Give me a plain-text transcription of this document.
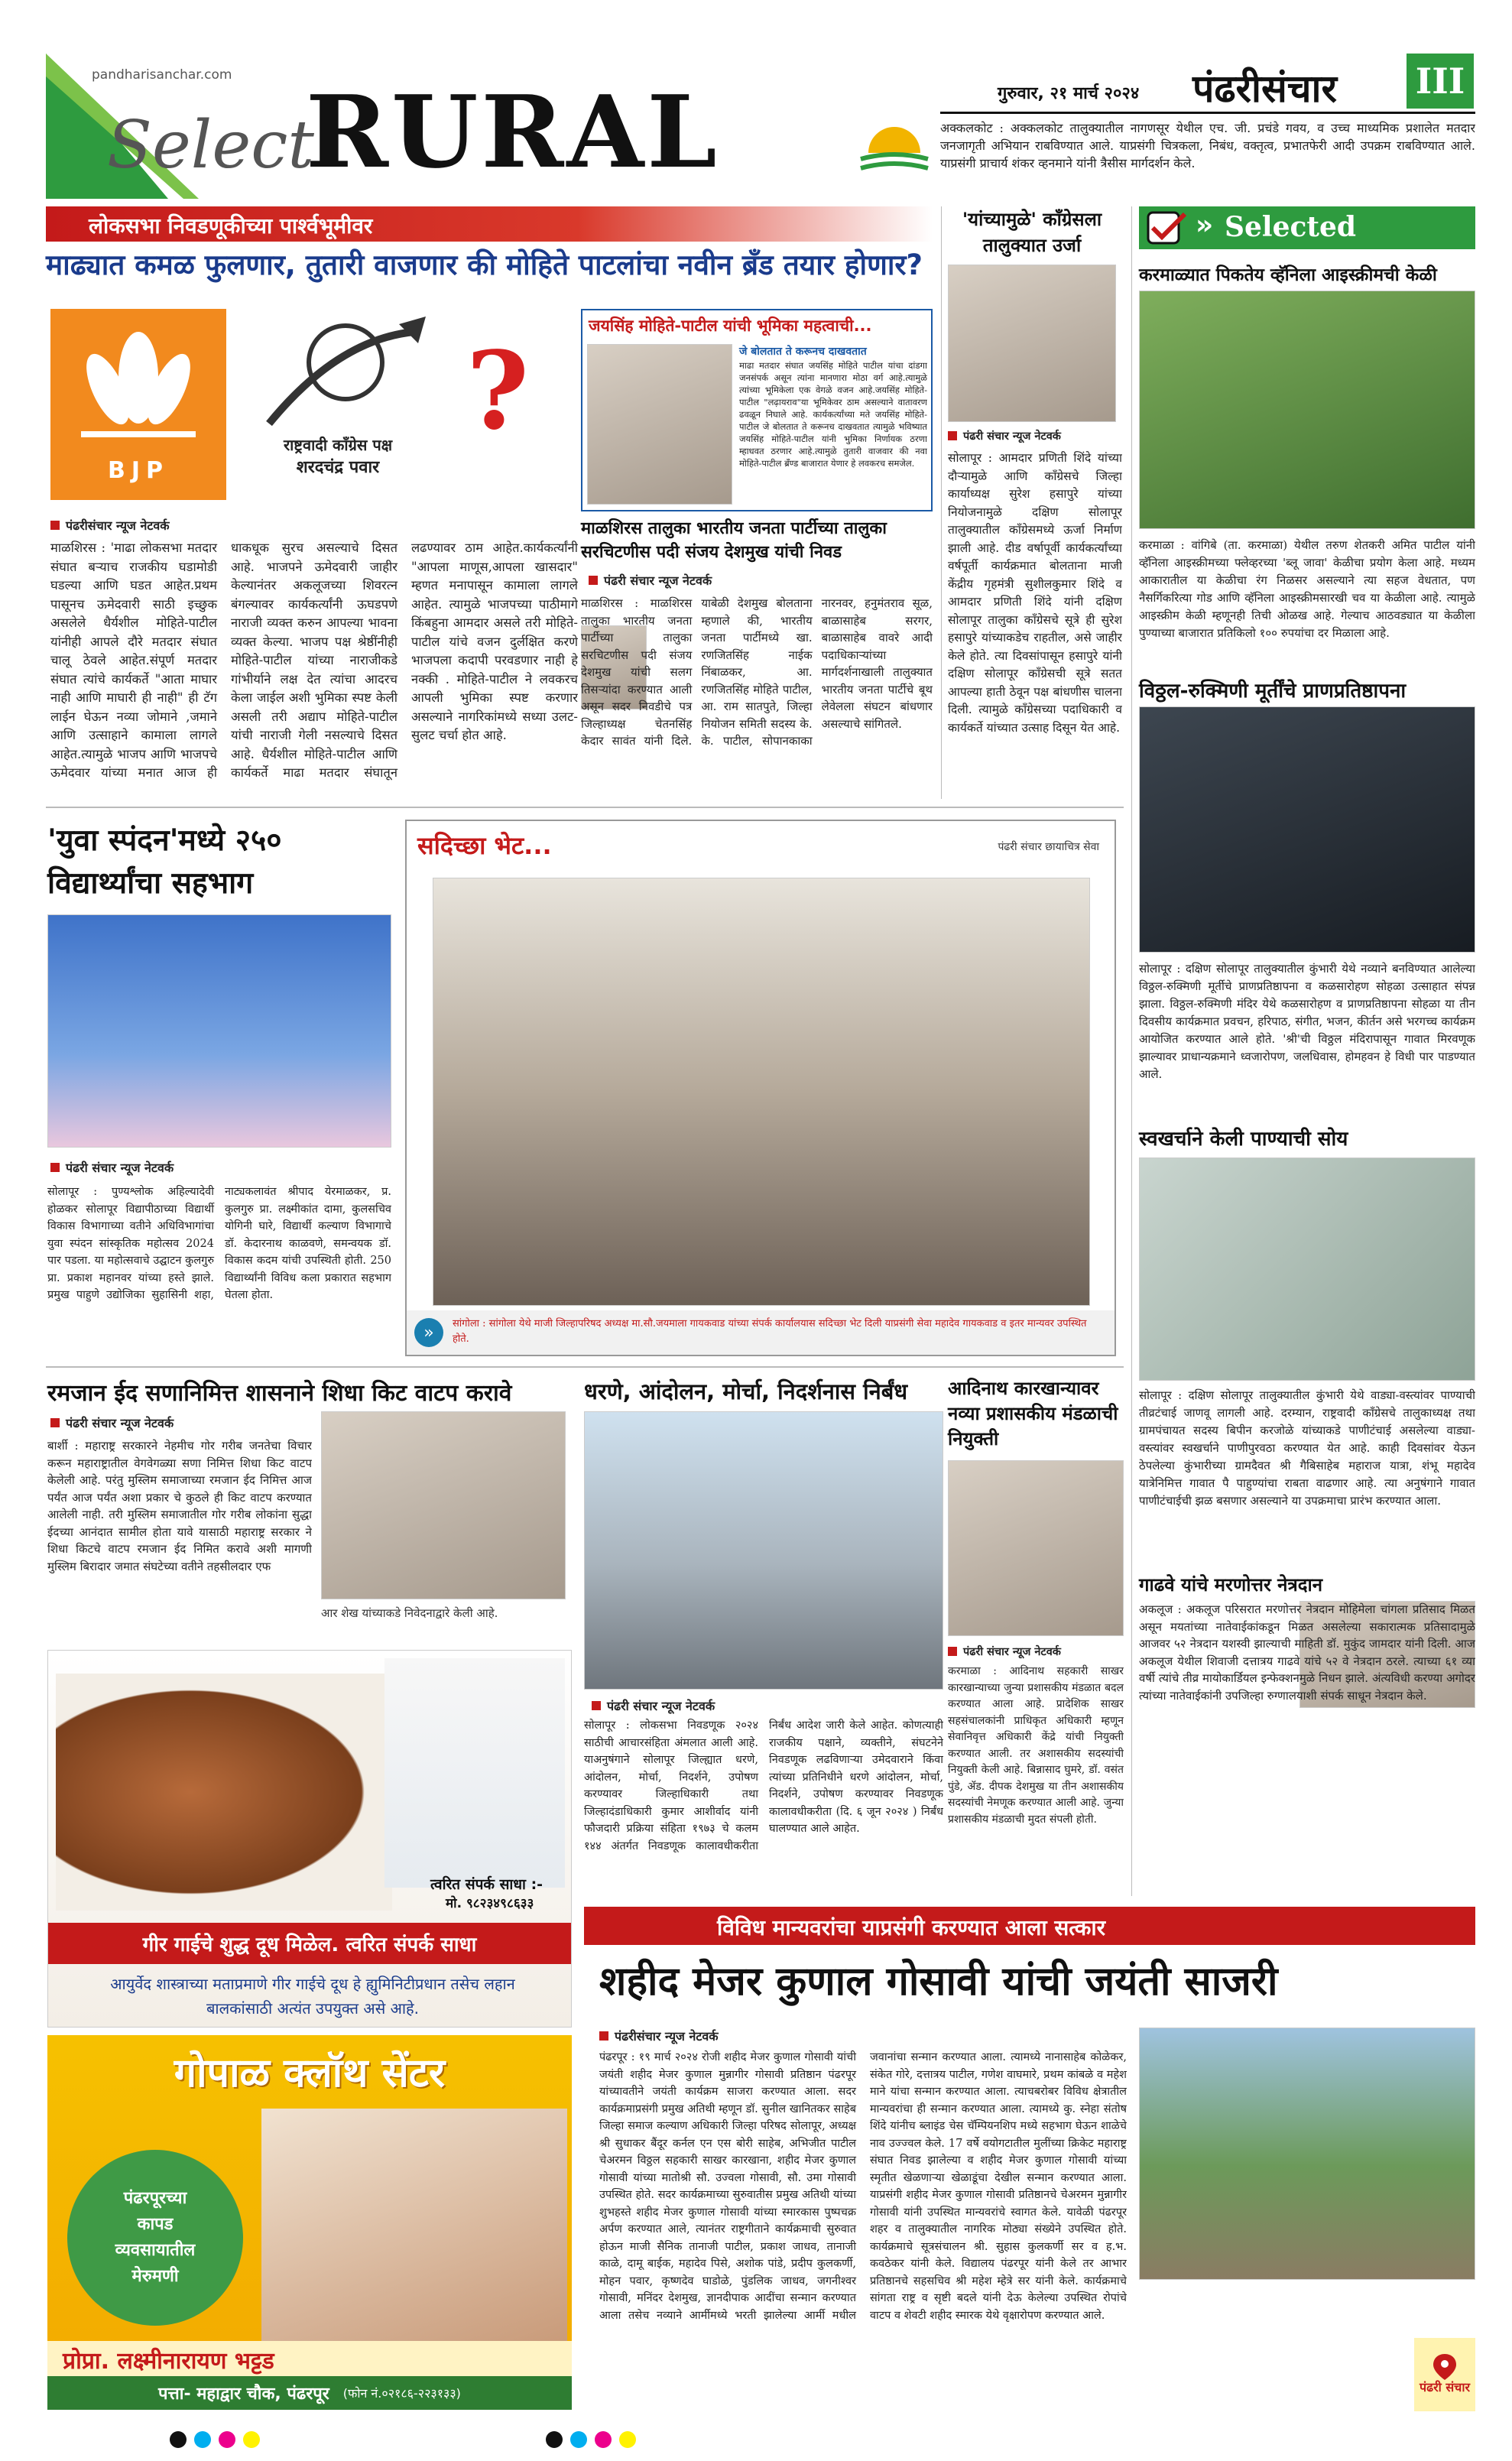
pandharisanchar.com
Select
RURAL	गुरुवार, २१ मार्च २०२४ पंढरीसंचार III
अक्कलकोट : अक्कलकोट तालुक्यातील नागणसूर येथील एच. जी. प्रचंडे गवय, व उच्च माध्यमिक प्रशालेत मतदार जनजागृती अभियान राबविण्यात आले. याप्रसंगी चित्रकला, निबंध, वक्तृत्व, प्रभातफेरी आदी उपक्रम राबविण्यात आले. याप्रसंगी प्राचार्य शंकर व्हनमाने यांनी त्रैसीस मार्गदर्शन केले.
लोकसभा निवडणूकीच्या पार्श्वभूमीवर
माढ्यात कमळ फुलणार, तुतारी वाजणार की मोहिते पाटलांचा नवीन ब्रँड तयार होणार?
BJP
राष्ट्रवादी कॉंग्रेस पक्ष
शरदचंद्र पवार
?
जयसिंह मोहिते-पाटील यांची भूमिका महत्वाची...
जे बोलतात ते करूनच दाखवतात
माढा मतदार संघात जयसिंह मोहिते पाटील यांचा दांडगा जनसंपर्क असून त्यांना मानणारा मोठा वर्ग आहे.त्यामुळे त्यांच्या भूमिकेला एक वेगळे वजन आहे.जयसिंह मोहिते-पाटील "लढ़ायराव"या भूमिकेवर ठाम असल्याने वातावरण ढवळून निघाले आहे. कार्यकर्त्यांच्या मते जयसिंह मोहिते- पाटील जे बोलतात ते करूनच दाखवतात त्यामुळे भविष्यात जयसिंह मोहिते-पाटील यांनी भुमिका निर्णायक ठरणा म्हाधवत ठरणार आहे.त्यामुळे तुतारी वाजवार की नवा मोहिते-पाटील ब्रँण्ड बाजारात येणार हे लवकरच समजेल.
पंढरीसंचार न्यूज नेटवर्क
माळशिरस : 'माढा लोकसभा मतदार संघात बऱ्याच राजकीय घडामोडी घडल्या आणि घडत आहेत.प्रथम पासूनच ऊमेदवारी साठी इच्छुक असलेले धैर्यशील मोहिते-पाटील यांनीही आपले दौरे मतदार संघात चालू ठेवले आहेत.संपूर्ण मतदार संघात त्यांचे कार्यकर्ते "आता माघार नाही आणि माघारी ही नाही" ही टॅग लाईन घेऊन नव्या जोमाने ,जमाने आणि उत्साहाने कामाला लागले आहेत.त्यामुळे भाजप आणि भाजपचे ऊमेदवार यांच्या मनात आज ही धाकधूक सुरच असल्याचे दिसत आहे. भाजपने ऊमेदवारी जाहीर केल्यानंतर अकलूजच्या शिवरत्न बंगल्यावर कार्यकर्त्यांनी ऊघडपणे नाराजी व्यक्त करुन आपल्या भावना व्यक्त केल्या. भाजप पक्ष श्रेष्ठींनीही मोहिते-पाटील यांच्या नाराजीकडे गांभीर्याने लक्ष देत त्यांचा आदरच केला जाईल अशी भुमिका स्पष्ट केली असली तरी अद्याप मोहिते-पाटील यांची नाराजी गेली नसल्याचे दिसत आहे. धैर्यशील मोहिते-पाटील आणि कार्यकर्ते माढा मतदार संघातून लढण्यावर ठाम आहेत.कार्यकर्त्यांनी "आपला माणूस,आपला खासदार" म्हणत मनापासून कामाला लागले आहेत. त्यामुळे भाजपच्या पाठीमागे किंबहुना आमदार असले तरी मोहिते-पाटील यांचे वजन दुर्लक्षित करणे भाजपला कदापी परवडणार नाही हे नक्की . मोहिते-पाटील ने लवकरच आपली भुमिका स्पष्ट करणार असल्याने नागरिकांमध्ये सध्या उलट-सुलट चर्चा होत आहे.
माळशिरस तालुका भारतीय जनता पार्टीच्या तालुका सरचिटणीस पदी संजय देशमुख यांची निवड
पंढरी संचार न्यूज नेटवर्क
माळशिरस : माळशिरस तालुका भारतीय जनता पार्टीच्या तालुका सरचिटणीस पदी संजय देशमुख यांची सलग तिसऱ्यांदा करण्यात आली असून सदर निवडीचे पत्र जिल्हाध्यक्ष चेतनसिंह केदार सावंत यांनी दिले. याबेळी देशमुख बोलताना म्हणाले की, भारतीय जनता पार्टीमध्ये खा. रणजितसिंह नाईक निंबाळकर, आ. रणजितसिंह मोहिते पाटील, आ. राम सातपुते, जिल्हा नियोजन समिती सदस्य के. के. पाटील, सोपानकाका नारनवर, हनुमंतराव सूळ, बाळासाहेब सरगर, बाळासाहेब वावरे आदी पदाधिकाऱ्यांच्या मार्गदर्शनाखाली तालुक्यात भारतीय जनता पार्टीचे बूथ लेवेलला संघटन बांधणार असल्याचे सांगितले.
'यांच्यामुळे' कॉंग्रेसला तालुक्यात उर्जा
पंढरी संचार न्यूज नेटवर्क
सोलापूर : आमदार प्रणिती शिंदे यांच्या दौऱ्यामुळे आणि कॉंग्रेसचे जिल्हा कार्याध्यक्ष सुरेश हसापुरे यांच्या नियोजनामुळे दक्षिण सोलापूर तालुक्यातील कॉंग्रेसमध्ये ऊर्जा निर्माण झाली आहे. दीड वर्षापूर्वी कार्यकर्त्यांच्या वर्षपूर्ती कार्यक्रमात बोलताना माजी केंद्रीय गृहमंत्री सुशीलकुमार शिंदे व आमदार प्रणिती शिंदे यांनी दक्षिण सोलापूर तालुका कॉंग्रेसचे सूत्रे ही सुरेश हसापुरे यांच्याकडेच राहतील, असे जाहीर केले होते. त्या दिवसांपासून हसापुरे यांनी दक्षिण सोलापूर कॉंग्रेसची सूत्रे सतत आपल्या हाती ठेवून पक्ष बांधणीस चालना दिली. त्यामुळे कॉंग्रेसच्या पदाधिकारी व कार्यकर्ते यांच्यात उत्साह दिसून येत आहे.
» Selected
करमाळ्यात पिकतेय व्हॅनिला आइस्क्रीमची केळी
करमाळा : वांगिबे (ता. करमाळा) येथील तरुण शेतकरी अमित पाटील यांनी व्हॅनिला आइस्क्रीमच्या फ्लेव्हरच्या 'ब्लू जावा' केळीचा प्रयोग केला आहे. मध्यम आकारातील या केळीचा रंग निळसर असल्याने त्या सहज वेधतात, पण नैसर्गिकरित्या गोड आणि व्हॅनिला आइस्क्रीमसारखी चव या केळीला आहे. त्यामुळे आइस्क्रीम केळी म्हणूनही तिची ओळख आहे. गेल्याच आठवड्यात या केळीला पुण्याच्या बाजारात प्रतिकिलो १०० रुपयांचा दर मिळाला आहे.
विठ्ठल-रुक्मिणी मूर्तींचे प्राणप्रतिष्ठापना
सोलापूर : दक्षिण सोलापूर तालुक्यातील कुंभारी येथे नव्याने बनविण्यात आलेल्या विठ्ठल-रुक्मिणी मूर्तीचे प्राणप्रतिष्ठापना व कळसारोहण सोहळा उत्साहात संपन्न झाला. विठ्ठल-रुक्मिणी मंदिर येथे कळसारोहण व प्राणप्रतिष्ठापना सोहळा या तीन दिवसीय कार्यक्रमात प्रवचन, हरिपाठ, संगीत, भजन, कीर्तन असे भरगच्च कार्यक्रम आयोजित करण्यात आले होते. 'श्री'ची विठ्ठल मंदिरापासून गावात मिरवणूक झाल्यावर प्राधान्यक्रमाने ध्वजारोपण, जलधिवास, होमहवन हे विधी पार पाडण्यात आले.
स्वखर्चाने केली पाण्याची सोय
सोलापूर : दक्षिण सोलापूर तालुक्यातील कुंभारी येथे वाड्या-वस्त्यांवर पाण्याची तीव्रटंचाई जाणवू लागली आहे. दरम्यान, राष्ट्रवादी कॉंग्रेसचे तालुकाध्यक्ष तथा ग्रामपंचायत सदस्य बिपीन करजोळे यांच्याकडे पाणीटंचाई असलेल्या वाड्या- वस्त्यांवर स्वखर्चाने पाणीपुरवठा करण्यात येत आहे. काही दिवसांवर येऊन ठेपलेल्या कुंभारीच्या ग्रामदैवत श्री गैबिसाहेब महाराज यात्रा, शंभू महादेव यात्रेनिमित्त गावात पै पाहुण्यांचा राबता वाढणार आहे. त्या अनुषंगाने गावात पाणीटंचाईची झळ बसणार असल्याने या उपक्रमाचा प्रारंभ करण्यात आला.
गाढवे यांचे मरणोत्तर नेत्रदान
अकलूज : अकलूज परिसरात मरणोत्तर नेत्रदान मोहिमेला चांगला प्रतिसाद मिळत असून मयतांच्या नातेवाईकांकडून मिळत असलेल्या सकारात्मक प्रतिसादामुळे आजवर ५२ नेत्रदान यशस्वी झाल्याची माहिती डॉ. मुकुंद जामदार यांनी दिली. आज अकलूज येथील शिवाजी दत्तात्रय गाढवे यांचे ५२ वे नेत्रदान ठरले. त्याच्या ६१ व्या वर्षी त्यांचे तीव्र मायोकार्डियल इन्फेक्शनमुळे निधन झाले. अंत्यविधी करण्या अगोदर त्यांच्या नातेवाईकांनी उपजिल्हा रुग्णालयाशी संपर्क साधून नेत्रदान केले.
'युवा स्पंदन'मध्ये २५० विद्यार्थ्यांचा सहभाग
पंढरी संचार न्यूज नेटवर्क
सोलापूर : पुण्यश्लोक अहिल्यादेवी होळकर सोलापूर विद्यापीठाच्या विद्यार्थी विकास विभागाच्या वतीने अधिविभागांचा युवा स्पंदन सांस्कृतिक महोत्सव 2024 पार पडला. या महोत्सवाचे उद्घाटन कुलगुरु प्रा. प्रकाश महानवर यांच्या हस्ते झाले. प्रमुख पाहुणे उद्योजिका सुहासिनी शहा, नाट्यकलावंत श्रीपाद येरमाळकर, प्र. कुलगुरु प्रा. लक्ष्मीकांत दामा, कुलसचिव योगिनी घारे, विद्यार्थी कल्याण विभागाचे डॉ. केदारनाथ काळवणे, समन्वयक डॉ. विकास कदम यांची उपस्थिती होती. 250 विद्यार्थ्यांनी विविध कला प्रकारात सहभाग घेतला होता.
सदिच्छा भेट...	पंढरी संचार छायाचित्र सेवा
»	सांगोला : सांगोला येथे माजी जिल्हापरिषद अध्यक्ष मा.सौ.जयमाला गायकवाड यांच्या संपर्क कार्यालयास सदिच्छा भेट दिली याप्रसंगी सेवा महादेव गायकवाड व इतर मान्यवर उपस्थित होते.
रमजान ईद सणानिमित्त शासनाने शिधा किट वाटप करावे
पंढरी संचार न्यूज नेटवर्क
बार्शी : महाराष्ट्र सरकारने नेहमीच गोर गरीब जनतेचा विचार करून महाराष्ट्रातील वेगवेगळ्या सणा निमित्त शिधा किट वाटप केलेली आहे. परंतु मुस्लिम समाजाच्या रमजान ईद निमित्त आज पर्यंत आज पर्यंत अशा प्रकार चे कुठले ही किट वाटप करण्यात आलेली नाही. तरी मुस्लिम समाजातील गोर गरीब लोकांना सुद्धा ईदच्या आनंदात सामील होता यावे यासाठी महाराष्ट्र सरकार ने शिधा किटचे वाटप रमजान ईद निमित करावे अशी मागणी मुस्लिम बिरादार जमात संघटेच्या वतीने तहसीलदार एफ
आर शेख यांच्याकडे निवेदनाद्वारे केली आहे.
धरणे, आंदोलन, मोर्चा, निदर्शनास निर्बंध
पंढरी संचार न्यूज नेटवर्क
सोलापूर : लोकसभा निवडणूक २०२४ साठीची आचारसंहिता अंमलात आली आहे. याअनुषंगाने सोलापूर जिल्ह्यात धरणे, आंदोलन, मोर्चा, निदर्शने, उपोषण करण्यावर जिल्हाधिकारी तथा जिल्हादंडाधिकारी कुमार आशीर्वाद यांनी फौजदारी प्रक्रिया संहिता १९७३ चे कलम १४४ अंतर्गत निवडणूक कालावधीकरीता निर्बंध आदेश जारी केले आहेत. कोणत्याही राजकीय पक्षाने, व्यक्तीने, संघटनेने निवडणूक लढविणाऱ्या उमेदवाराने किंवा त्यांच्या प्रतिनिधीने धरणे आंदोलन, मोर्चा, निदर्शने, उपोषण करण्यावर निवडणूक कालावधीकरीता (दि. ६ जून २०२४ ) निर्बंध घालण्यात आले आहेत.
आदिनाथ कारखान्यावर नव्या प्रशासकीय मंडळाची नियुक्ती
पंढरी संचार न्यूज नेटवर्क
करमाळा : आदिनाथ सहकारी साखर कारखान्याच्या जुन्या प्रशासकीय मंडळात बदल करण्यात आला आहे. प्रादेशिक साखर सहसंचालकांनी प्राधिकृत अधिकारी म्हणून सेवानिवृत्त अधिकारी केंद्रे यांची नियुक्ती करण्यात आली. तर अशासकीय सदस्यांची नियुक्ती केली आहे. बिन्नासाद घुमरे, डॉ. वसंत पुंडे, ॲड. दीपक देशमुख या तीन अशासकीय सदस्यांची नेमणूक करण्यात आली आहे. जुन्या प्रशासकीय मंडळाची मुदत संपली होती.
त्वरित संपर्क साधा :-
मो. ९८२३४९८६३३
गीर गाईचे शुद्ध दूध मिळेल. त्वरित संपर्क साधा
आयुर्वेद शास्त्राच्या मताप्रमाणे गीर गाईचे दूध हे ह्युमिनिटीप्रधान तसेच लहान बालकांसाठी अत्यंत उपयुक्त असे आहे.
गोपाळ क्लॉथ सेंटर
पंढरपूरच्या
कापड
व्यवसायातील
मेरुमणी
प्रोप्रा. लक्ष्मीनारायण भट्टड
पत्ता- महाद्वार चौक, पंढरपूर (फोन नं.०२१८६-२२३१३३)
विविध मान्यवरांचा याप्रसंगी करण्यात आला सत्कार
शहीद मेजर कुणाल गोसावी यांची जयंती साजरी
पंढरीसंचार न्यूज नेटवर्क
पंढरपूर : १९ मार्च २०२४ रोजी शहीद मेजर कुणाल गोसावी यांची जयंती शहीद मेजर कुणाल मुन्नागीर गोसावी प्रतिष्ठान पंढरपूर यांच्यावतीने जयंती कार्यक्रम साजरा करण्यात आला. सदर कार्यक्रमाप्रसंगी प्रमुख अतिथी म्हणून डॉ. सुनील खानितकर साहेब जिल्हा समाज कल्याण अधिकारी जिल्हा परिषद सोलापूर, अध्यक्ष श्री सुधाकर बैंदूर कर्नल एन एस बोरी साहेब, अभिजीत पाटील चेअरमन विठ्ठल सहकारी साखर कारखाना, शहीद मेजर कुणाल गोसावी यांच्या मातोश्री सौ. उज्वला गोसावी, सौ. उमा गोसावी उपस्थित होते. सदर कार्यक्रमाच्या सुरुवातीस प्रमुख अतिथी यांच्या शुभहस्ते शहीद मेजर कुणाल गोसावी यांच्या स्मारकास पुष्पचक्र अर्पण करण्यात आले, त्यानंतर राष्ट्रगीताने कार्यक्रमाची सुरुवात होऊन माजी सैनिक तानाजी पाटील, प्रकाश जाधव, तानाजी काळे, दामू बाईक, महादेव पिसे, अशोक पांडे, प्रदीप कुलकर्णी, मोहन पवार, कृष्णदेव घाडोळे, पुंडलिक जाधव, जगनीश्वर गोसावी, मनिंदर देशमुख, ज्ञानदीपाक आदींचा सन्मान करण्यात आला तसेच नव्याने आर्मीमध्ये भरती झालेल्या आर्मी मधील जवानांचा सन्मान करण्यात आला. त्यामध्ये नानासाहेब कोळेकर, संकेत गोरे, दत्तात्रय पाटील, गणेश वाघमारे, प्रथम कांबळे व महेश माने यांचा सन्मान करण्यात आला. त्याचबरोबर विविध क्षेत्रातील मान्यवरांचा ही सन्मान करण्यात आला. त्यामध्ये कु. स्नेहा संतोष शिंदे यांनीच ब्लाइंड चेस चॅम्पियनशिप मध्ये सहभाग घेऊन शाळेचे नाव उज्ज्वल केले. 17 वर्षे वयोगटातील मुलींच्या क्रिकेट महाराष्ट्र संघात निवड झालेल्या व शहीद मेजर कुणाल गोसावी यांच्या स्मृतीत खेळणाऱ्या खेळाडूंचा देखील सन्मान करण्यात आला. याप्रसंगी शहीद मेजर कुणाल गोसावी प्रतिष्ठानचे चेअरमन मुन्नागीर गोसावी यांनी उपस्थित मान्यवरांचे स्वागत केले. यावेळी पंढरपूर शहर व तालुक्यातील नागरिक मोठ्या संख्येने उपस्थित होते. कार्यक्रमाचे सूत्रसंचालन श्री. सुहास कुलकर्णी सर व ह.भ. कवठेकर यांनी केले. विद्यालय पंढरपूर यांनी केले तर आभार प्रतिष्ठानचे सहसचिव श्री महेश म्हेत्रे सर यांनी केले. कार्यक्रमाचे सांगता राष्ट्र व सृष्टी बदले यांनी देऊ केलेल्या उपस्थित रोपांचे वाटप व शेवटी शहीद स्मारक येथे वृक्षारोपण करण्यात आले.
पंढरी संचार
